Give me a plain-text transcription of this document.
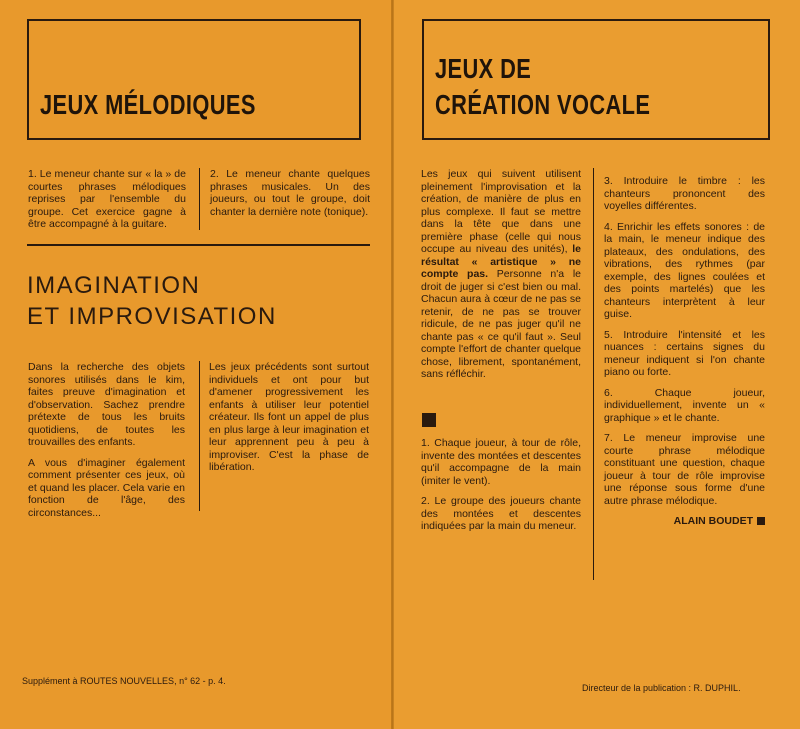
JEUX MÉLODIQUES
1. Le meneur chante sur « la » de courtes phrases mélodiques reprises par l'ensemble du groupe. Cet exercice gagne à être accompagné à la guitare.
2. Le meneur chante quelques phrases musicales. Un des joueurs, ou tout le groupe, doit chanter la dernière note (tonique).
IMAGINATION
ET IMPROVISATION

Dans la recherche des objets sonores utilisés dans le kim, faites preuve d'imagination et d'observation. Sachez prendre prétexte de tous les bruits quotidiens, de toutes les trouvailles des enfants.

A vous d'imaginer également comment présenter ces jeux, où et quand les placer. Cela varie en fonction de l'âge, des circonstances...

Les jeux précédents sont surtout individuels et ont pour but d'amener progressivement les enfants à utiliser leur potentiel créateur. Ils font un appel de plus en plus large à leur imagination et leur apprennent peu à peu à improviser. C'est la phase de libération.
Supplément à ROUTES NOUVELLES, n° 62 - p. 4.
JEUX DE
CRÉATION VOCALE
Les jeux qui suivent utilisent pleinement l'improvisation et la création, de manière de plus en plus complexe. Il faut se mettre dans la tête que dans une première phase (celle qui nous occupe au niveau des unités), le résultat « artistique » ne compte pas. Personne n'a le droit de juger si c'est bien ou mal. Chacun aura à cœur de ne pas se retenir, de ne pas se trouver ridicule, de ne pas juger qu'il ne chante pas « ce qu'il faut ». Seul compte l'effort de chanter quelque chose, librement, spontanément, sans réfléchir.

1. Chaque joueur, à tour de rôle, invente des montées et descentes qu'il accompagne de la main (imiter le vent).

2. Le groupe des joueurs chante des montées et descentes indiquées par la main du meneur.

3. Introduire le timbre : les chanteurs prononcent des voyelles différentes.

4. Enrichir les effets sonores : de la main, le meneur indique des plateaux, des ondulations, des vibrations, des rythmes (par exemple, des lignes coulées et des points martelés) que les chanteurs interprètent à leur guise.

5. Introduire l'intensité et les nuances : certains signes du meneur indiquent si l'on chante piano ou forte.

6. Chaque joueur, individuellement, invente un « graphique » et le chante.

7. Le meneur improvise une courte phrase mélodique constituant une question, chaque joueur à tour de rôle improvise une réponse sous forme d'une autre phrase mélodique.

ALAIN BOUDET

Directeur de la publication : R. DUPHIL.
